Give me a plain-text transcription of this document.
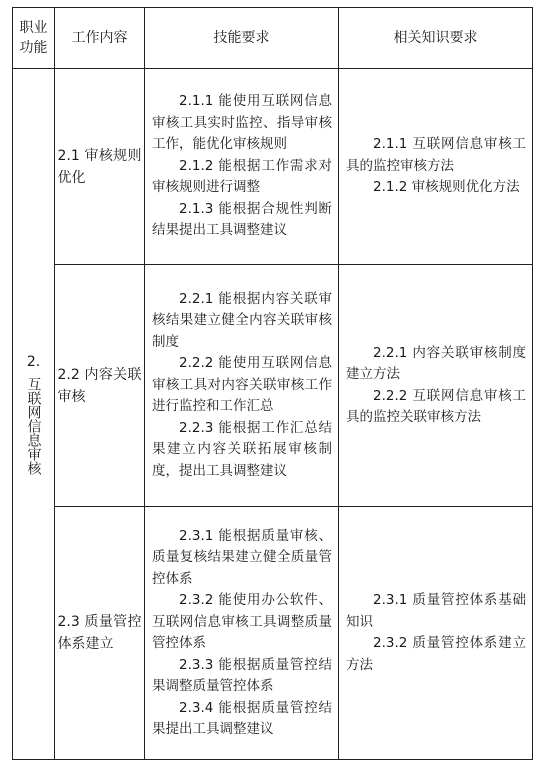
职业功能
工作内容	技能要求	相关知识要求
2.
互联网信息审核
2.1 审核规则优化

2.1.1 能使用互联网信息审核工具实时监控、指导审核工作，能优化审核规则

2.1.2 能根据工作需求对审核规则进行调整

2.1.3 能根据合规性判断结果提出工具调整建议

2.1.1 互联网信息审核工具的监控审核方法

2.1.2 审核规则优化方法

2.2 内容关联审核

2.2.1 能根据内容关联审核结果建立健全内容关联审核制度

2.2.2 能使用互联网信息审核工具对内容关联审核工作进行监控和工作汇总

2.2.3 能根据工作汇总结果建立内容关联拓展审核制度，提出工具调整建议

2.2.1 内容关联审核制度建立方法

2.2.2 互联网信息审核工具的监控关联审核方法

2.3 质量管控体系建立

2.3.1 能根据质量审核、质量复核结果建立健全质量管控体系

2.3.2 能使用办公软件、互联网信息审核工具调整质量管控体系

2.3.3 能根据质量管控结果调整质量管控体系

2.3.4 能根据质量管控结果提出工具调整建议

2.3.1 质量管控体系基础知识

2.3.2 质量管控体系建立方法
